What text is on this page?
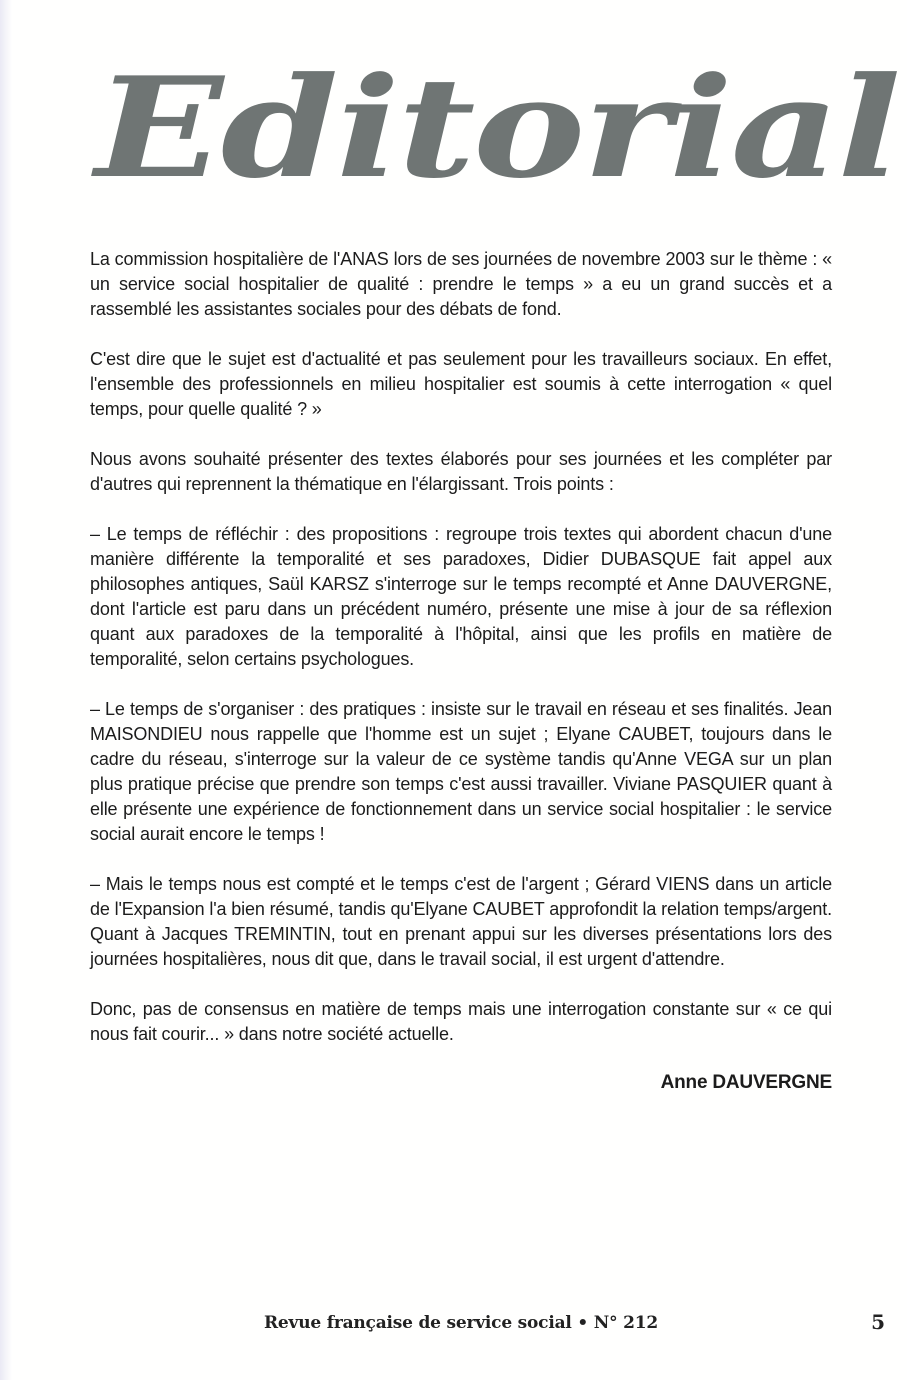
Editorial

La commission hospitalière de l'ANAS lors de ses journées de novembre 2003 sur le thème : « un service social hospitalier de qualité : prendre le temps » a eu un grand succès et a rassemblé les assistantes sociales pour des débats de fond.

C'est dire que le sujet est d'actualité et pas seulement pour les travailleurs sociaux. En effet, l'ensemble des professionnels en milieu hospitalier est soumis à cette interrogation « quel temps, pour quelle qualité ? »

Nous avons souhaité présenter des textes élaborés pour ses journées et les compléter par d'autres qui reprennent la thématique en l'élargissant. Trois points :

– Le temps de réfléchir : des propositions : regroupe trois textes qui abordent chacun d'une manière différente la temporalité et ses paradoxes, Didier DUBASQUE fait appel aux philosophes antiques, Saül KARSZ s'interroge sur le temps recompté et Anne DAUVERGNE, dont l'article est paru dans un précédent numéro, présente une mise à jour de sa réflexion quant aux paradoxes de la temporalité à l'hôpital, ainsi que les profils en matière de temporalité, selon certains psychologues.

– Le temps de s'organiser : des pratiques : insiste sur le travail en réseau et ses finalités. Jean MAISONDIEU nous rappelle que l'homme est un sujet ; Elyane CAUBET, toujours dans le cadre du réseau, s'interroge sur la valeur de ce système tandis qu'Anne VEGA sur un plan plus pratique précise que prendre son temps c'est aussi travailler. Viviane PASQUIER quant à elle présente une expérience de fonctionnement dans un service social hospitalier : le service social aurait encore le temps !

– Mais le temps nous est compté et le temps c'est de l'argent ; Gérard VIENS dans un article de l'Expansion l'a bien résumé, tandis qu'Elyane CAUBET approfondit la relation temps/argent. Quant à Jacques TREMINTIN, tout en prenant appui sur les diverses présentations lors des journées hospitalières, nous dit que, dans le travail social, il est urgent d'attendre.

Donc, pas de consensus en matière de temps mais une interrogation constante sur « ce qui nous fait courir... » dans notre société actuelle.

Anne DAUVERGNE
Revue française de service social • N° 212	5
